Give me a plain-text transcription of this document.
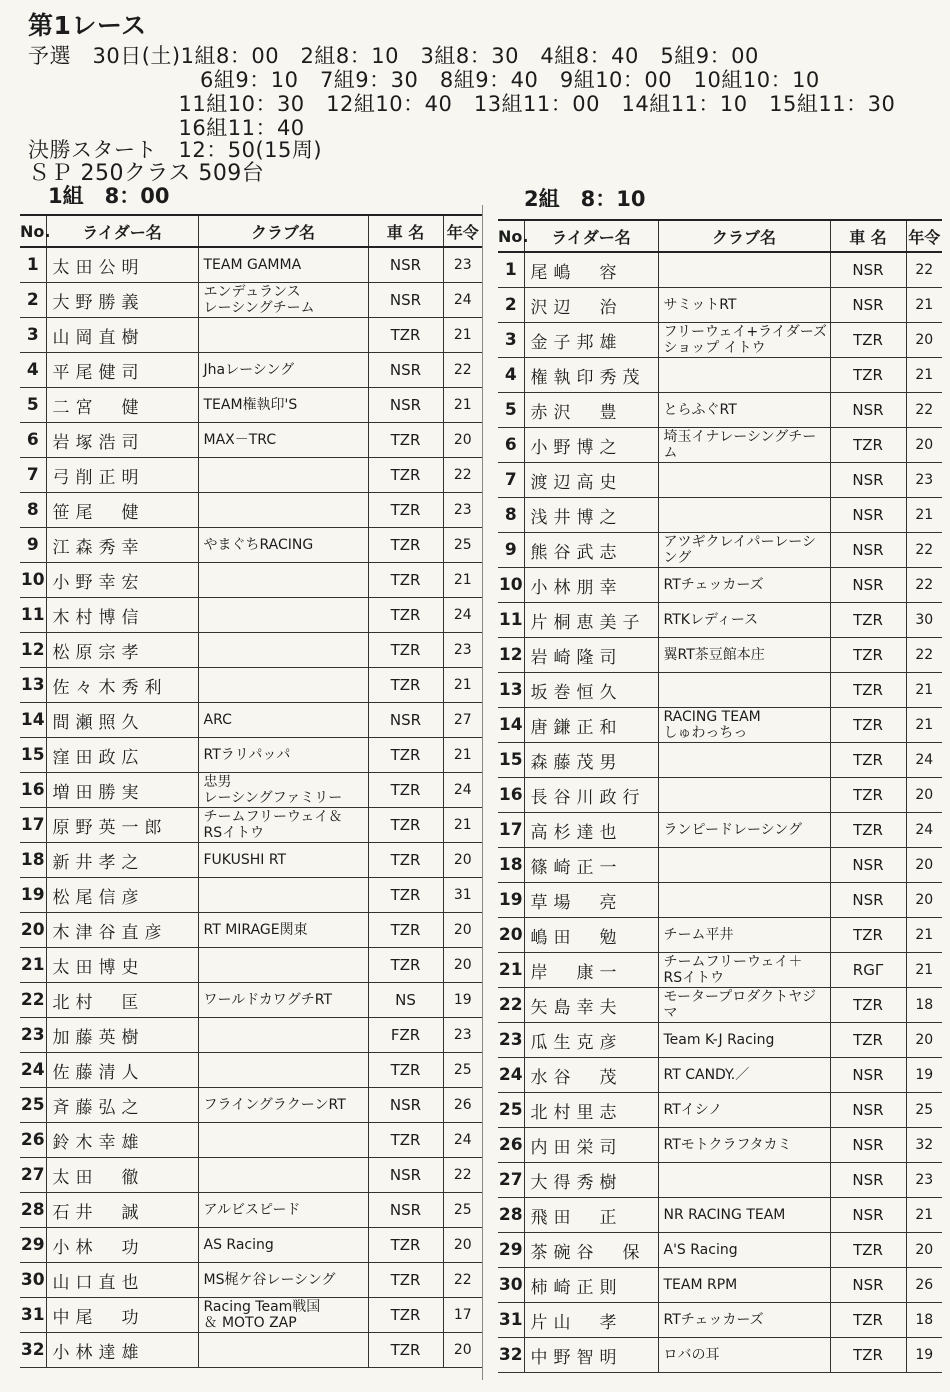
第1レース
予選　30日(土)1組8：00　2組8：10　3組8：30　4組8：40　5組9：00
　　　　　　　　6組9：10　7組9：30　8組9：40　9組10：00　10組10：10
　　　　　　　11組10：30　12組10：40　13組11：00　14組11：10　15組11：30
　　　　　　　16組11：40
決勝スタート　12：50(15周)
ＳＰ 250クラス 509台
1組　8：00	2組　8：10
No.	ライダー名	クラブ名	車 名	年令
1	太田公明	TEAM GAMMA	NSR	23
2	大野勝義	エンデュランス
レーシングチーム	NSR	24
3	山岡直樹		TZR	21
4	平尾健司	Jhaレーシング	NSR	22
5	二宮　健	TEAM権執印'S	NSR	21
6	岩塚浩司	MAX－TRC	TZR	20
7	弓削正明		TZR	22
8	笹尾　健		TZR	23
9	江森秀幸	やまぐちRACING	TZR	25
10	小野幸宏		TZR	21
11	木村博信		TZR	24
12	松原宗孝		TZR	23
13	佐々木秀利		TZR	21
14	間瀬照久	ARC	NSR	27
15	窪田政広	RTラリパッパ	TZR	21
16	増田勝実	忠男
レーシングファミリー	TZR	24
17	原野英一郎	チームフリーウェイ＆
RSイトウ	TZR	21
18	新井孝之	FUKUSHI RT	TZR	20
19	松尾信彦		TZR	31
20	木津谷直彦	RT MIRAGE関東	TZR	20
21	太田博史		TZR	20
22	北村　匡	ワールドカワグチRT	NS	19
23	加藤英樹		FZR	23
24	佐藤清人		TZR	25
25	斉藤弘之	フライングラクーンRT	NSR	26
26	鈴木幸雄		TZR	24
27	太田　徹		NSR	22
28	石井　誠	アルビスピード	NSR	25
29	小林　功	AS Racing	TZR	20
30	山口直也	MS梶ケ谷レーシング	TZR	22
31	中尾　功	Racing Team戦国
＆ MOTO ZAP	TZR	17
32	小林達雄		TZR	20
No.	ライダー名	クラブ名	車 名	年令
1	尾嶋　容		NSR	22
2	沢辺　治	サミットRT	NSR	21
3	金子邦雄	フリーウェイ+ライダーズ
ショップ イトウ	TZR	20
4	権執印秀茂		TZR	21
5	赤沢　豊	とらふぐRT	NSR	22
6	小野博之	埼玉イナレーシングチーム	TZR	20
7	渡辺高史		NSR	23
8	浅井博之		NSR	21
9	熊谷武志	アツギクレイパーレーシング	NSR	22
10	小林朋幸	RTチェッカーズ	NSR	22
11	片桐恵美子	RTKレディース	TZR	30
12	岩崎隆司	翼RT茶豆館本庄	TZR	22
13	坂巻恒久		TZR	21
14	唐鎌正和	RACING TEAM
しゅわっちっ	TZR	21
15	森藤茂男		TZR	24
16	長谷川政行		TZR	20
17	高杉達也	ランピードレーシング	TZR	24
18	篠崎正一		NSR	20
19	草場　亮		NSR	20
20	嶋田　勉	チーム平井	TZR	21
21	岸　康一	チームフリーウェイ＋
RSイトウ	RGΓ	21
22	矢島幸夫	モータープロダクトヤジマ	TZR	18
23	瓜生克彦	Team K-J Racing	TZR	20
24	水谷　茂	RT CANDY.／	NSR	19
25	北村里志	RTイシノ	NSR	25
26	内田栄司	RTモトクラフタカミ	NSR	32
27	大得秀樹		NSR	23
28	飛田　正	NR RACING TEAM	NSR	21
29	茶碗谷　保	A'S Racing	TZR	20
30	柿崎正則	TEAM RPM	NSR	26
31	片山　孝	RTチェッカーズ	TZR	18
32	中野智明	ロバの耳	TZR	19
